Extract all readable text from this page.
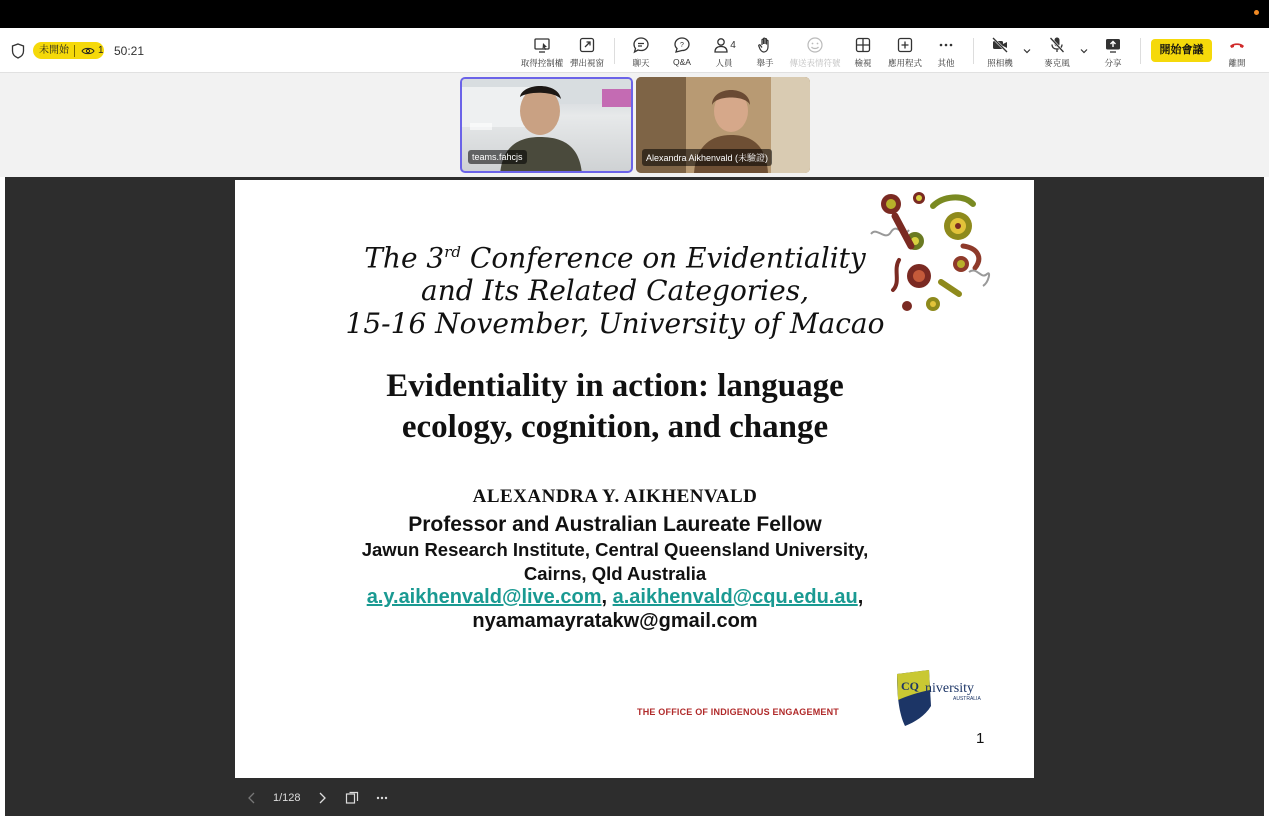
未開始	1 50:21
取得控制權 彈出視窗	聊天
?
Q&A
4
人員	舉手 傳送表情符號 檢視 應用程式 其他	照相機	麥克風	分享
開始會議
離開
teams.fahcjs	Alexandra Aikhenvald (未驗證)
The 3rd Conference on Evidentiality
and Its Related Categories,
15-16 November, University of Macao
Evidentiality in action: language
ecology, cognition, and change
ALEXANDRA Y. AIKHENVALD
Professor and Australian Laureate Fellow
Jawun Research Institute, Central Queensland University,
Cairns, Qld Australia
a.y.aikhenvald@live.com, a.aikhenvald@cqu.edu.au,
nyamamayratakw@gmail.com
THE OFFICE OF INDIGENOUS ENGAGEMENT
niversity
CQ
AUSTRALIA
1
1/128
